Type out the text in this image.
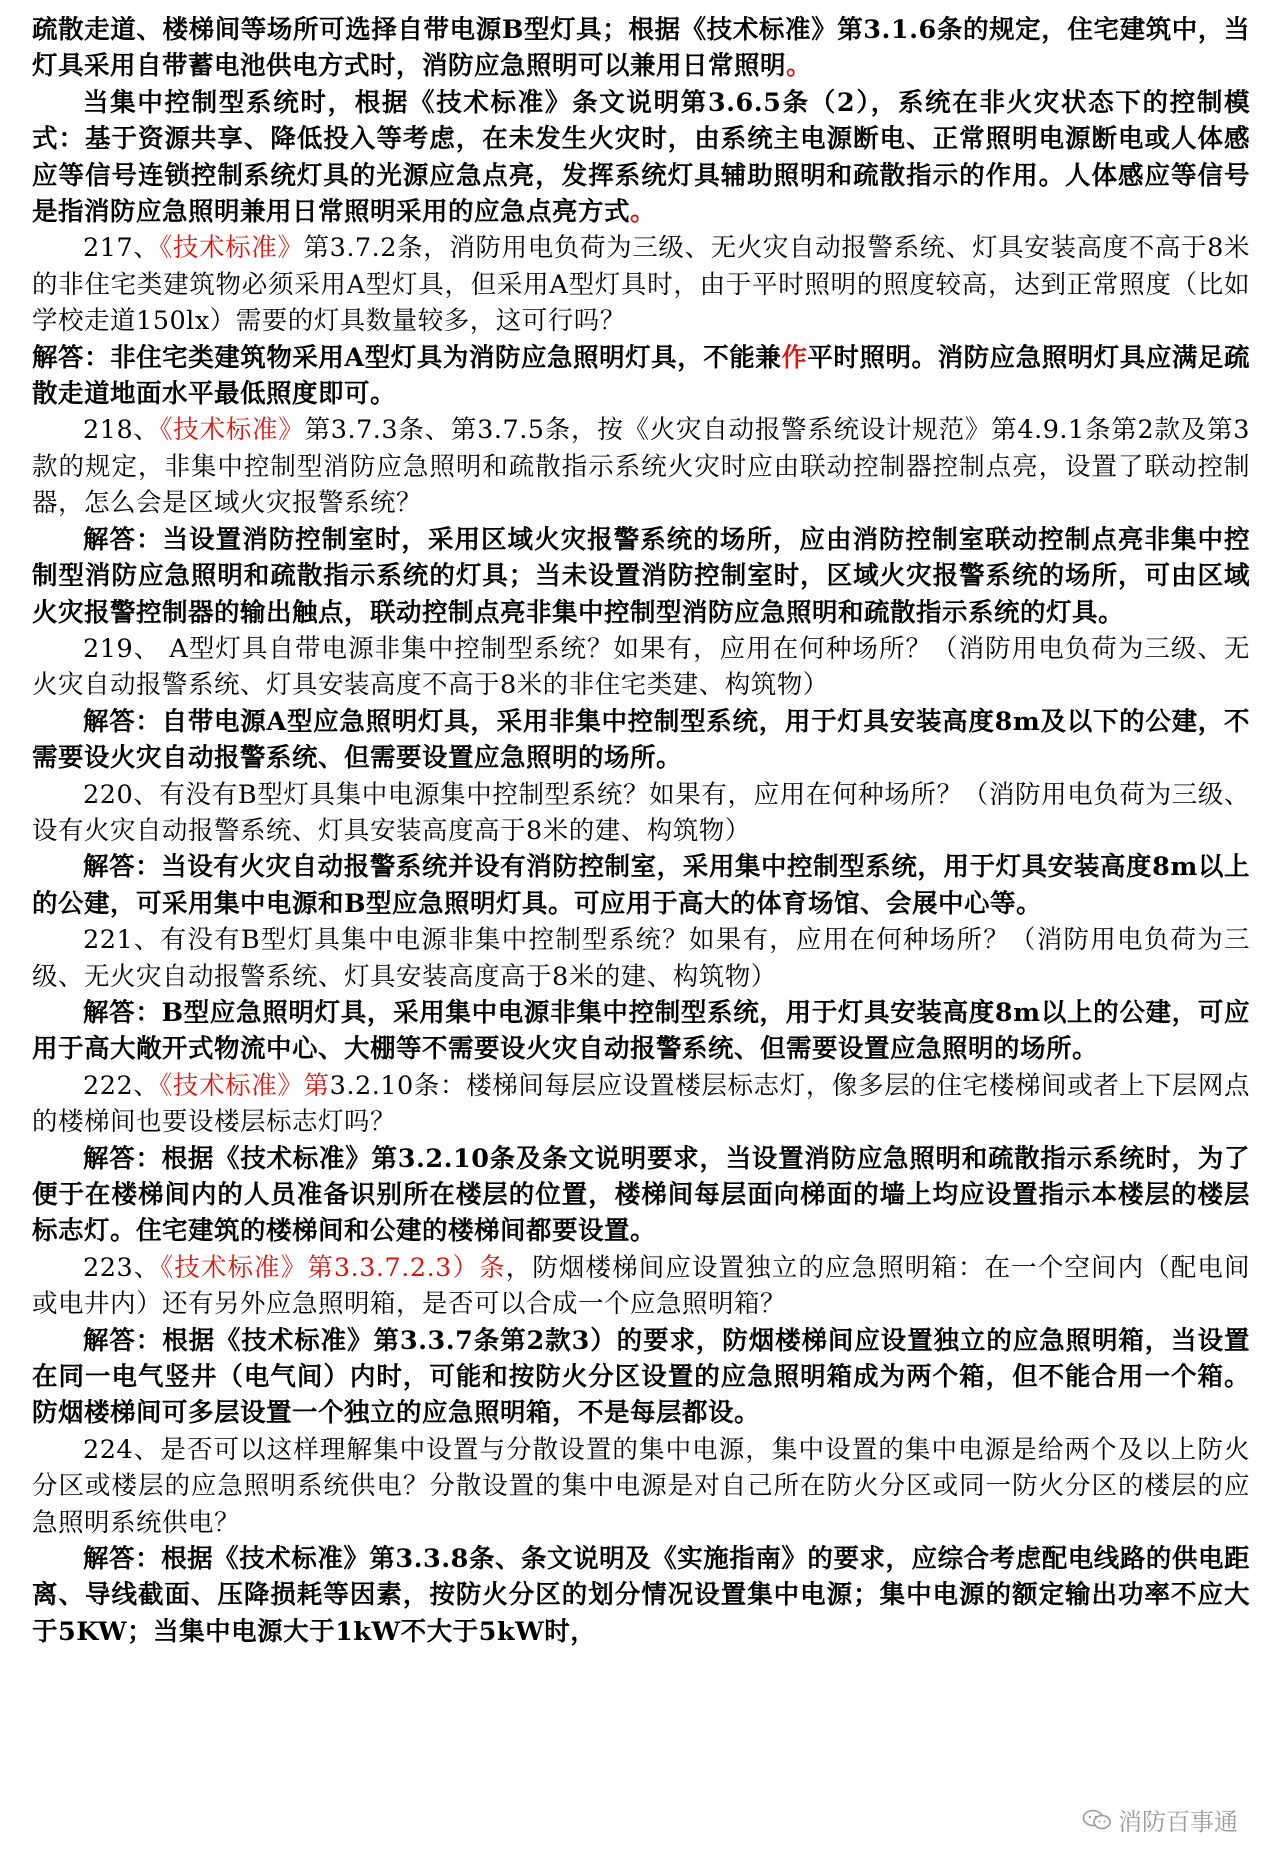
疏散走道、楼梯间等场所可选择自带电源B型灯具；根据《技术标准》第3.1.6条的规定，住宅建筑中，当灯具采用自带蓄电池供电方式时，消防应急照明可以兼用日常照明。

当集中控制型系统时，根据《技术标准》条文说明第3.6.5条（2），系统在非火灾状态下的控制模式：基于资源共享、降低投入等考虑，在未发生火灾时，由系统主电源断电、正常照明电源断电或人体感应等信号连锁控制系统灯具的光源应急点亮，发挥系统灯具辅助照明和疏散指示的作用。人体感应等信号是指消防应急照明兼用日常照明采用的应急点亮方式。

217、《技术标准》第3.7.2条，消防用电负荷为三级、无火灾自动报警系统、灯具安装高度不高于8米的非住宅类建筑物必须采用A型灯具，但采用A型灯具时，由于平时照明的照度较高，达到正常照度（比如学校走道150lx）需要的灯具数量较多，这可行吗？

解答：非住宅类建筑物采用A型灯具为消防应急照明灯具，不能兼作平时照明。消防应急照明灯具应满足疏散走道地面水平最低照度即可。

218、《技术标准》第3.7.3条、第3.7.5条，按《火灾自动报警系统设计规范》第4.9.1条第2款及第3款的规定，非集中控制型消防应急照明和疏散指示系统火灾时应由联动控制器控制点亮，设置了联动控制器，怎么会是区域火灾报警系统？

解答：当设置消防控制室时，采用区域火灾报警系统的场所，应由消防控制室联动控制点亮非集中控制型消防应急照明和疏散指示系统的灯具；当未设置消防控制室时，区域火灾报警系统的场所，可由区域火灾报警控制器的输出触点，联动控制点亮非集中控制型消防应急照明和疏散指示系统的灯具。

219、 A型灯具自带电源非集中控制型系统？如果有，应用在何种场所？（消防用电负荷为三级、无火灾自动报警系统、灯具安装高度不高于8米的非住宅类建、构筑物）

解答：自带电源A型应急照明灯具，采用非集中控制型系统，用于灯具安装高度8m及以下的公建，不需要设火灾自动报警系统、但需要设置应急照明的场所。

220、有没有B型灯具集中电源集中控制型系统？如果有，应用在何种场所？（消防用电负荷为三级、设有火灾自动报警系统、灯具安装高度高于8米的建、构筑物）

解答：当设有火灾自动报警系统并设有消防控制室，采用集中控制型系统，用于灯具安装高度8m以上的公建，可采用集中电源和B型应急照明灯具。可应用于高大的体育场馆、会展中心等。

221、有没有B型灯具集中电源非集中控制型系统？如果有，应用在何种场所？（消防用电负荷为三级、无火灾自动报警系统、灯具安装高度高于8米的建、构筑物）

解答：B型应急照明灯具，采用集中电源非集中控制型系统，用于灯具安装高度8m以上的公建，可应用于高大敞开式物流中心、大棚等不需要设火灾自动报警系统、但需要设置应急照明的场所。

222、《技术标准》第3.2.10条：楼梯间每层应设置楼层标志灯，像多层的住宅楼梯间或者上下层网点的楼梯间也要设楼层标志灯吗？

解答：根据《技术标准》第3.2.10条及条文说明要求，当设置消防应急照明和疏散指示系统时，为了便于在楼梯间内的人员准备识别所在楼层的位置，楼梯间每层面向梯面的墙上均应设置指示本楼层的楼层标志灯。住宅建筑的楼梯间和公建的楼梯间都要设置。

223、《技术标准》第3.3.7.2.3）条，防烟楼梯间应设置独立的应急照明箱：在一个空间内（配电间或电井内）还有另外应急照明箱，是否可以合成一个应急照明箱？

解答：根据《技术标准》第3.3.7条第2款3）的要求，防烟楼梯间应设置独立的应急照明箱，当设置在同一电气竖井（电气间）内时，可能和按防火分区设置的应急照明箱成为两个箱，但不能合用一个箱。防烟楼梯间可多层设置一个独立的应急照明箱，不是每层都设。

224、是否可以这样理解集中设置与分散设置的集中电源，集中设置的集中电源是给两个及以上防火分区或楼层的应急照明系统供电？分散设置的集中电源是对自己所在防火分区或同一防火分区的楼层的应急照明系统供电？

解答：根据《技术标准》第3.3.8条、条文说明及《实施指南》的要求，应综合考虑配电线路的供电距离、导线截面、压降损耗等因素，按防火分区的划分情况设置集中电源；集中电源的额定输出功率不应大于5KW；当集中电源大于1kW不大于5kW时，

消防百事通
